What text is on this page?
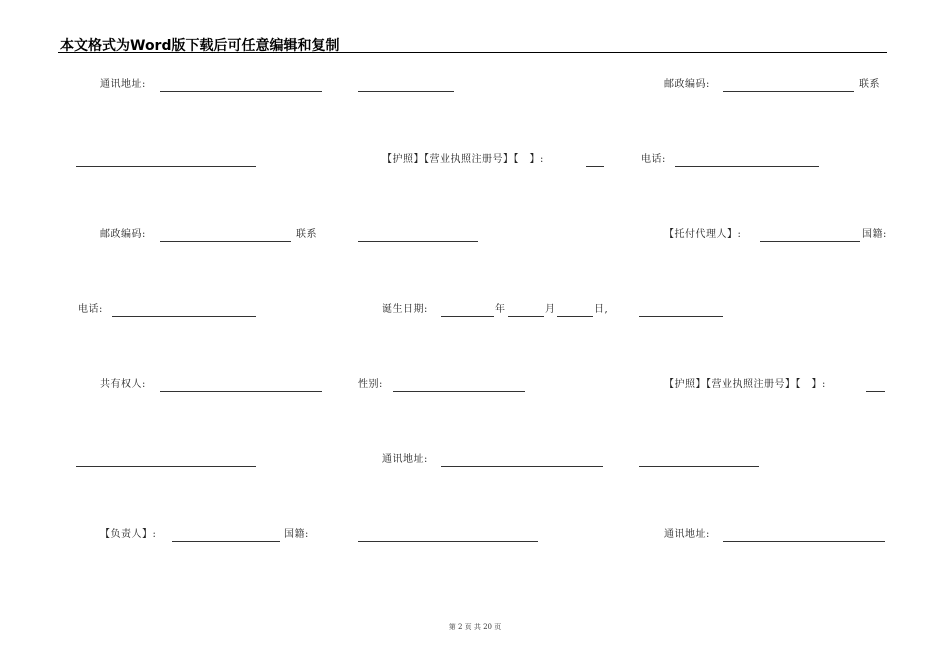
本文格式为Word版下载后可任意编辑和复制
通讯地址:	邮政编码:	联系
【护照】【营业执照注册号】【　】:	电话:
邮政编码:	联系	【托付代理人】:	国籍:
电话:	诞生日期:	年	月	日,
共有权人:	性别:	【护照】【营业执照注册号】【　】:
通讯地址:
【负责人】:	国籍:	通讯地址:
第 2 页 共 20 页
